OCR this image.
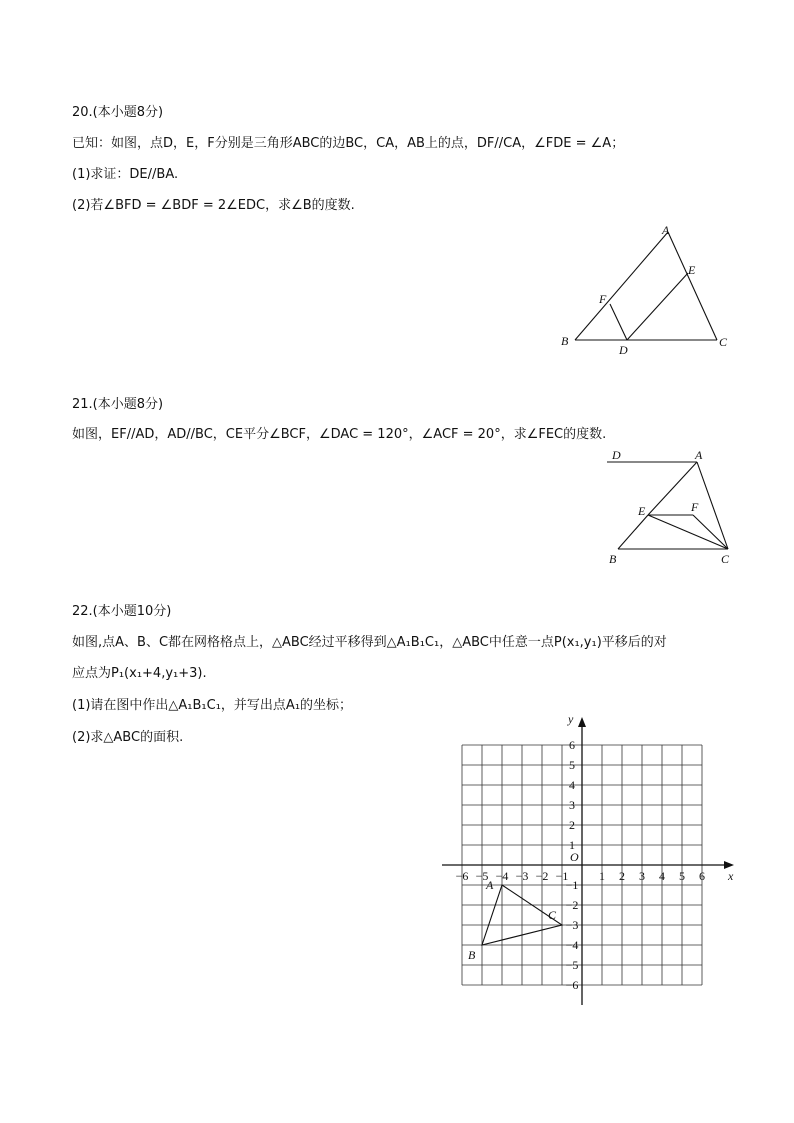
20.(本小题8分)
已知：如图，点D，E，F分别是三角形ABC的边BC，CA，AB上的点，DF//CA，∠FDE = ∠A；
(1)求证：DE//BA.
(2)若∠BFD = ∠BDF = 2∠EDC，求∠B的度数.
A
E
F
B
D
C
21.(本小题8分)
如图，EF//AD，AD//BC，CE平分∠BCF，∠DAC = 120°，∠ACF = 20°，求∠FEC的度数.
D	A
E	F
B	C
22.(本小题10分)
如图,点A、B、C都在网格格点上，△ABC经过平移得到△A₁B₁C₁，△ABC中任意一点P(x₁,y₁)平移后的对
应点为P₁(x₁+4,y₁+3).
(1)请在图中作出△A₁B₁C₁，并写出点A₁的坐标；
(2)求△ABC的面积.
x
y
O
−6 −5 −4 −3 −2 −1	1 2 3 4 5 6
6
5
4
3
2
1
−1
−2
−3
−4
−5
−6
A
B
C
